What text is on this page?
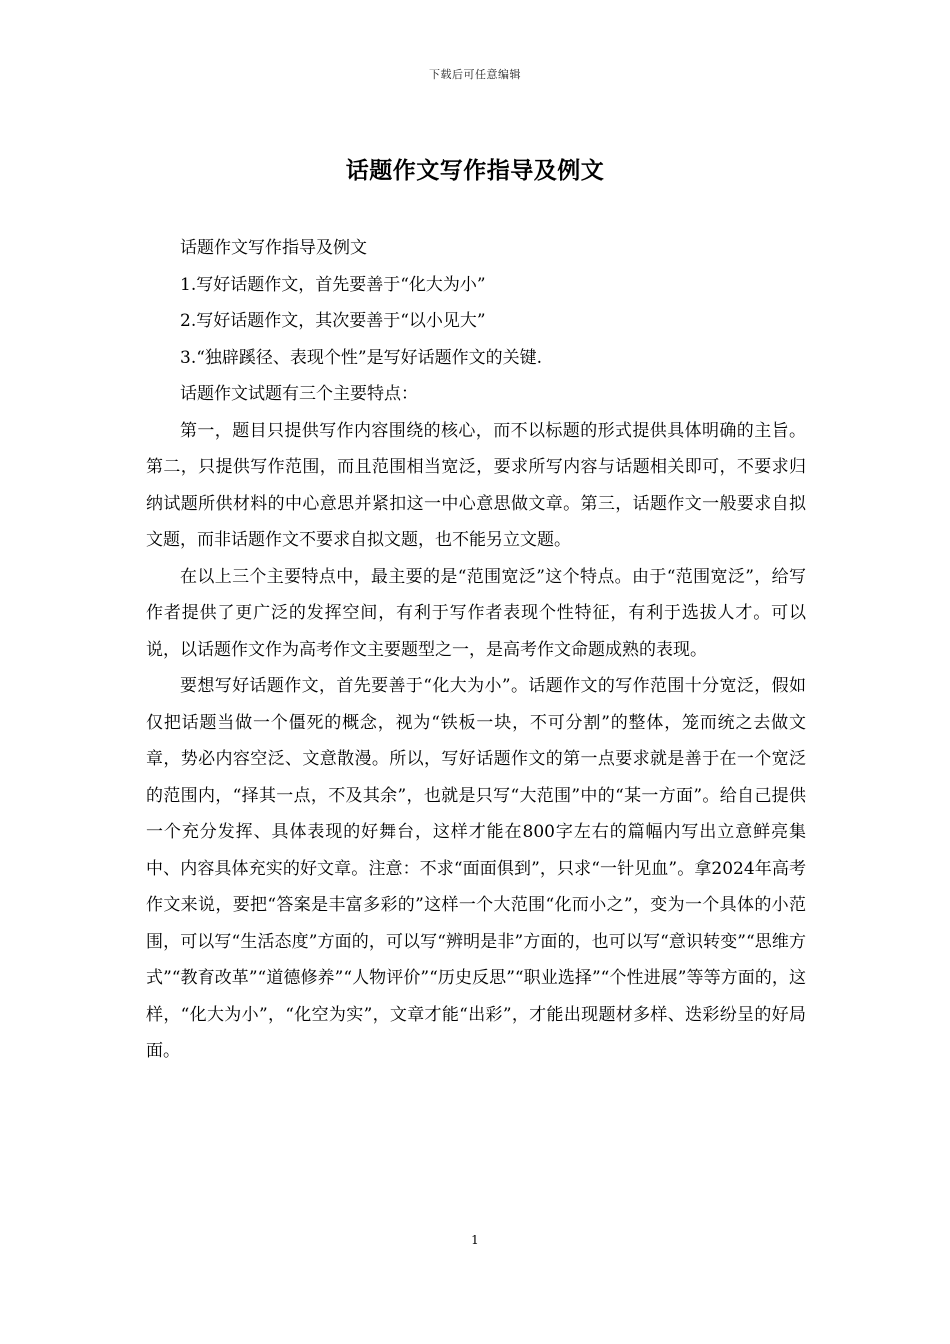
下载后可任意编辑
话题作文写作指导及例文

话题作文写作指导及例文

1.写好话题作文，首先要善于“化大为小”

2.写好话题作文，其次要善于“以小见大”

3.“独辟蹊径、表现个性”是写好话题作文的关键.

话题作文试题有三个主要特点：

第一，题目只提供写作内容围绕的核心，而不以标题的形式提供具体明确的主旨。第二，只提供写作范围，而且范围相当宽泛，要求所写内容与话题相关即可，不要求归纳试题所供材料的中心意思并紧扣这一中心意思做文章。第三，话题作文一般要求自拟文题，而非话题作文不要求自拟文题，也不能另立文题。

在以上三个主要特点中，最主要的是“范围宽泛”这个特点。由于“范围宽泛”，给写作者提供了更广泛的发挥空间，有利于写作者表现个性特征，有利于选拔人才。可以说，以话题作文作为高考作文主要题型之一，是高考作文命题成熟的表现。

要想写好话题作文，首先要善于“化大为小”。话题作文的写作范围十分宽泛，假如仅把话题当做一个僵死的概念，视为“铁板一块，不可分割”的整体，笼而统之去做文章，势必内容空泛、文意散漫。所以，写好话题作文的第一点要求就是善于在一个宽泛的范围内，“择其一点，不及其余”，也就是只写“大范围”中的“某一方面”。给自己提供一个充分发挥、具体表现的好舞台，这样才能在800字左右的篇幅内写出立意鲜亮集中、内容具体充实的好文章。注意：不求“面面俱到”，只求“一针见血”。拿2024年高考作文来说，要把“答案是丰富多彩的”这样一个大范围“化而小之”，变为一个具体的小范围，可以写“生活态度”方面的，可以写“辨明是非”方面的，也可以写“意识转变”“思维方式”“教育改革”“道德修养”“人物评价”“历史反思”“职业选择”“个性进展”等等方面的，这样，“化大为小”，“化空为实”，文章才能“出彩”，才能出现题材多样、迭彩纷呈的好局面。

1
